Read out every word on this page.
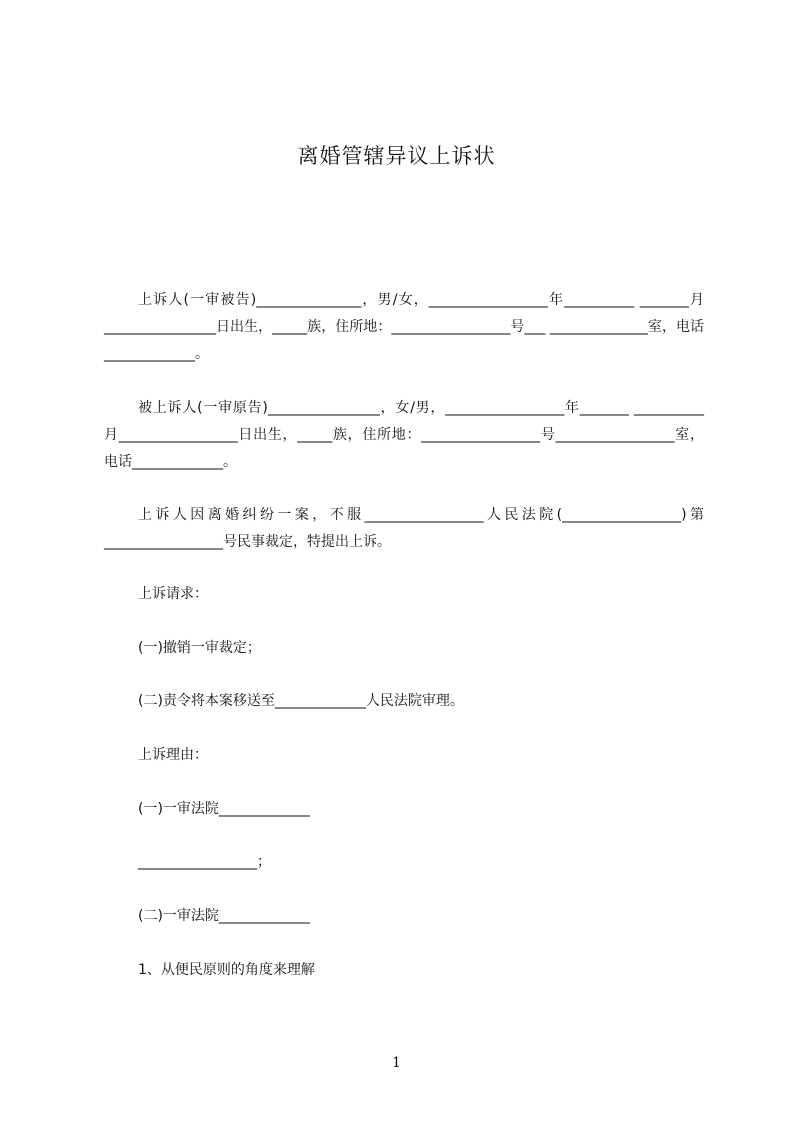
离婚管辖异议上诉状
上诉人(一审被告)_______________，男/女，_________________年__________ _______月________________日出生，_____族，住所地：_________________号___ ______________室，电话_____________。
被上诉人(一审原告)________________，女/男，_________________年_______ __________月_________________日出生，_____族，住所地：_________________号_________________室，电话_____________。
上诉人因离婚纠纷一案，不服_________________人民法院(_________________)第_________________号民事裁定，特提出上诉。
上诉请求：
(一)撤销一审裁定；
(二)责令将本案移送至_____________人民法院审理。
上诉理由：
(一)一审法院_____________
_________________；
(二)一审法院_____________
1、从便民原则的角度来理解
1
